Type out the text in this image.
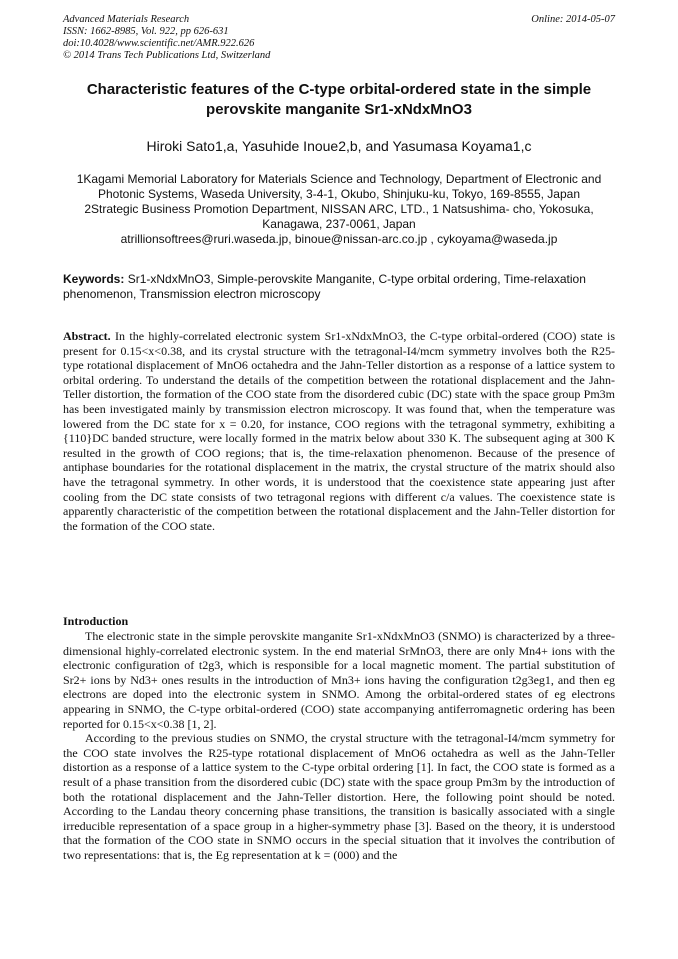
Advanced Materials Research
ISSN: 1662-8985, Vol. 922, pp 626-631
doi:10.4028/www.scientific.net/AMR.922.626
© 2014 Trans Tech Publications Ltd, Switzerland
Online: 2014-05-07
Characteristic features of the C-type orbital-ordered state in the simple perovskite manganite Sr1-xNdxMnO3
Hiroki Sato1,a, Yasuhide Inoue2,b, and Yasumasa Koyama1,c
1Kagami Memorial Laboratory for Materials Science and Technology, Department of Electronic and Photonic Systems, Waseda University, 3-4-1, Okubo, Shinjuku-ku, Tokyo, 169-8555, Japan
2Strategic Business Promotion Department, NISSAN ARC, LTD., 1 Natsushima- cho, Yokosuka, Kanagawa, 237-0061, Japan
atrillionsoftrees@ruri.waseda.jp, binoue@nissan-arc.co.jp , cykoyama@waseda.jp
Keywords: Sr1-xNdxMnO3, Simple-perovskite Manganite, C-type orbital ordering, Time-relaxation phenomenon, Transmission electron microscopy
Abstract. In the highly-correlated electronic system Sr1-xNdxMnO3, the C-type orbital-ordered (COO) state is present for 0.15<x<0.38, and its crystal structure with the tetragonal-I4/mcm symmetry involves both the R25-type rotational displacement of MnO6 octahedra and the Jahn-Teller distortion as a response of a lattice system to orbital ordering. To understand the details of the competition between the rotational displacement and the Jahn-Teller distortion, the formation of the COO state from the disordered cubic (DC) state with the space group Pm3m has been investigated mainly by transmission electron microscopy. It was found that, when the temperature was lowered from the DC state for x = 0.20, for instance, COO regions with the tetragonal symmetry, exhibiting a {110}DC banded structure, were locally formed in the matrix below about 330 K. The subsequent aging at 300 K resulted in the growth of COO regions; that is, the time-relaxation phenomenon. Because of the presence of antiphase boundaries for the rotational displacement in the matrix, the crystal structure of the matrix should also have the tetragonal symmetry. In other words, it is understood that the coexistence state appearing just after cooling from the DC state consists of two tetragonal regions with different c/a values. The coexistence state is apparently characteristic of the competition between the rotational displacement and the Jahn-Teller distortion for the formation of the COO state.
Introduction

The electronic state in the simple perovskite manganite Sr1-xNdxMnO3 (SNMO) is characterized by a three-dimensional highly-correlated electronic system. In the end material SrMnO3, there are only Mn4+ ions with the electronic configuration of t2g3, which is responsible for a local magnetic moment. The partial substitution of Sr2+ ions by Nd3+ ones results in the introduction of Mn3+ ions having the configuration t2g3eg1, and then eg electrons are doped into the electronic system in SNMO. Among the orbital-ordered states of eg electrons appearing in SNMO, the C-type orbital-ordered (COO) state accompanying antiferromagnetic ordering has been reported for 0.15<x<0.38 [1, 2].

According to the previous studies on SNMO, the crystal structure with the tetragonal-I4/mcm symmetry for the COO state involves the R25-type rotational displacement of MnO6 octahedra as well as the Jahn-Teller distortion as a response of a lattice system to the C-type orbital ordering [1]. In fact, the COO state is formed as a result of a phase transition from the disordered cubic (DC) state with the space group Pm3m by the introduction of both the rotational displacement and the Jahn-Teller distortion. Here, the following point should be noted. According to the Landau theory concerning phase transitions, the transition is basically associated with a single irreducible representation of a space group in a higher-symmetry phase [3]. Based on the theory, it is understood that the formation of the COO state in SNMO occurs in the special situation that it involves the contribution of two representations: that is, the Eg representation at k = (000) and the
